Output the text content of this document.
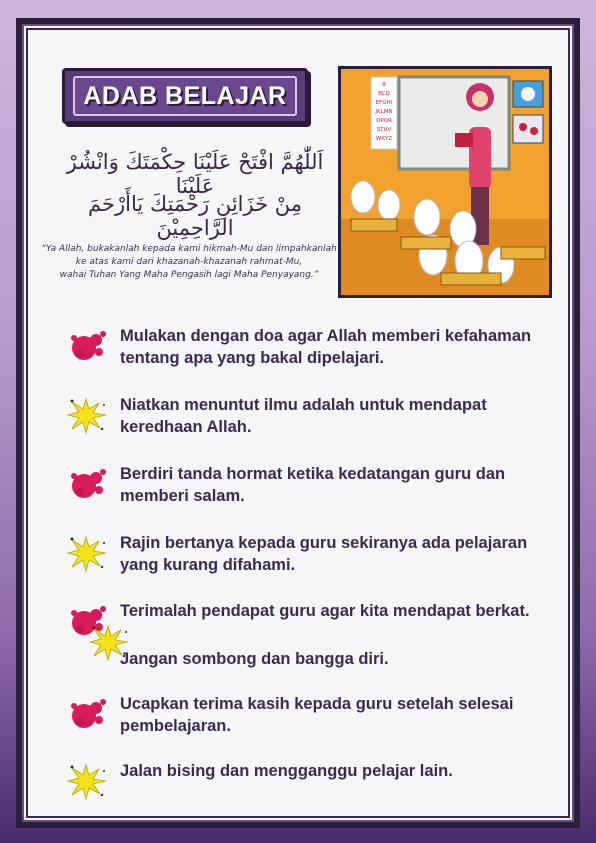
ADAB BELAJAR
اَللّٰهُمَّ افْتَحْ عَلَيْنَا حِكْمَتَكَ وَانْشُرْ عَلَيْنَا
مِنْ خَزَائِنِ رَحْمَتِكَ يَاأَرْحَمَ الرَّاحِمِيْنَ
“Ya Allah, bukakanlah kepada kami hikmah-Mu dan limpahkanlah
ke atas kami dari khazanah-khazanah rahmat-Mu,
wahai Tuhan Yang Maha Pengasih lagi Maha Penyayang.”
A
BCD
EFGHI
JKLMN
OPQR
STUV
WXYZ
Mulakan dengan doa agar Allah memberi kefahaman tentang apa yang bakal dipelajari.
Niatkan menuntut ilmu adalah untuk mendapat keredhaan Allah.
Berdiri tanda hormat ketika kedatangan guru dan memberi salam.
Rajin bertanya kepada guru sekiranya ada pelajaran yang kurang difahami.
Terimalah pendapat guru agar kita mendapat berkat.
Jangan sombong dan bangga diri.
Ucapkan terima kasih kepada guru setelah selesai pembelajaran.
Jalan bising dan mengganggu pelajar lain.
